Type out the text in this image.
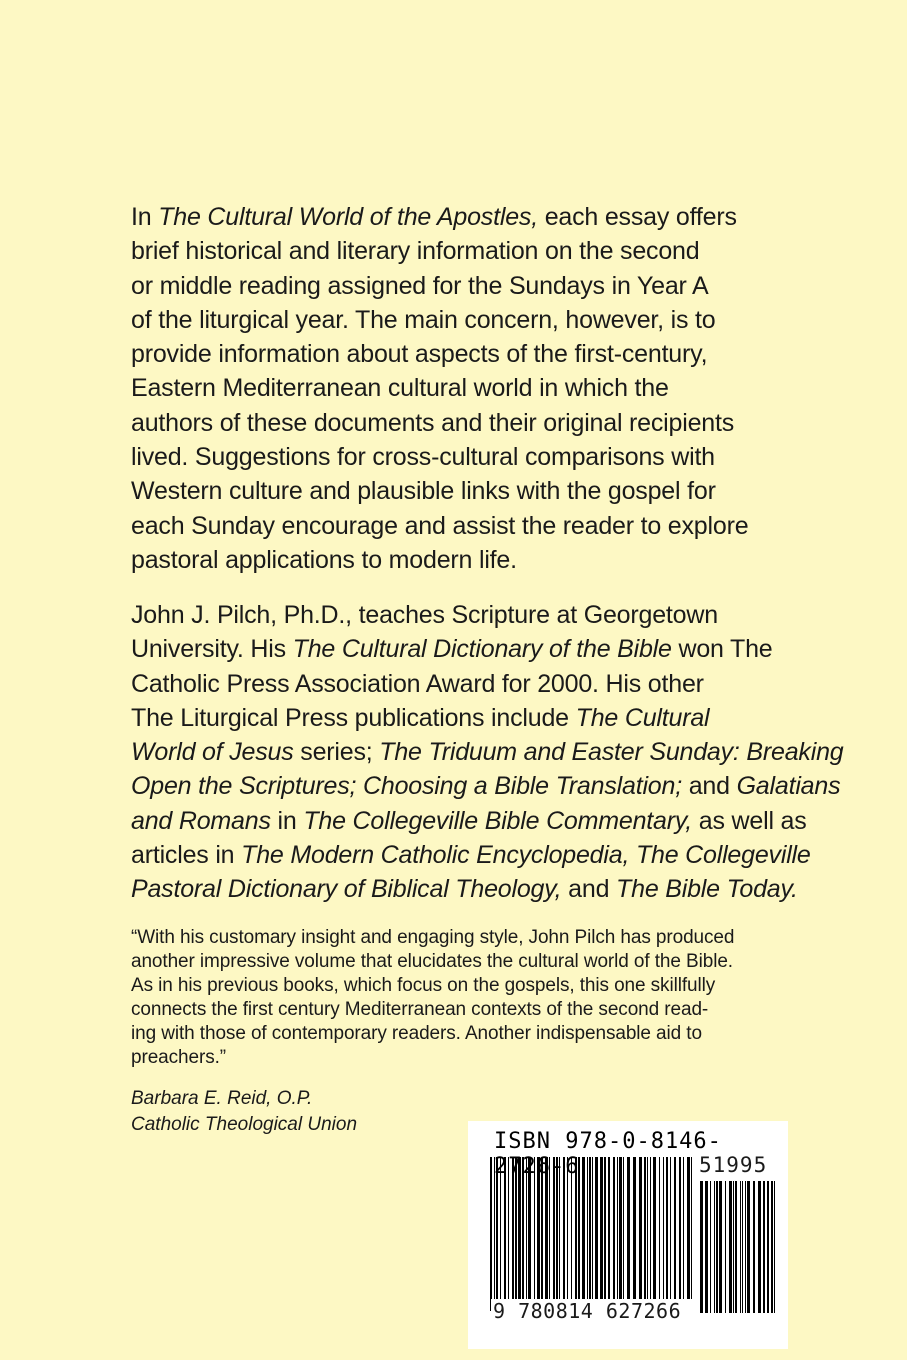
In The Cultural World of the Apostles, each essay offers
brief historical and literary information on the second
or middle reading assigned for the Sundays in Year A
of the liturgical year. The main concern, however, is to
provide information about aspects of the first-century,
Eastern Mediterranean cultural world in which the
authors of these documents and their original recipients
lived. Suggestions for cross-cultural comparisons with
Western culture and plausible links with the gospel for
each Sunday encourage and assist the reader to explore
pastoral applications to modern life.
John J. Pilch, Ph.D., teaches Scripture at Georgetown
University. His The Cultural Dictionary of the Bible won The
Catholic Press Association Award for 2000. His other
The Liturgical Press publications include The Cultural
World of Jesus series; The Triduum and Easter Sunday: Breaking
Open the Scriptures; Choosing a Bible Translation; and Galatians
and Romans in The Collegeville Bible Commentary, as well as
articles in The Modern Catholic Encyclopedia, The Collegeville
Pastoral Dictionary of Biblical Theology, and The Bible Today.
“With his customary insight and engaging style, John Pilch has produced
another impressive volume that elucidates the cultural world of the Bible.
As in his previous books, which focus on the gospels, this one skillfully
connects the first century Mediterranean contexts of the second read-
ing with those of contemporary readers. Another indispensable aid to
preachers.”
Barbara E. Reid, O.P.
Catholic Theological Union
ISBN 978-0-8146-2726-6	51995
9 780814 627266
